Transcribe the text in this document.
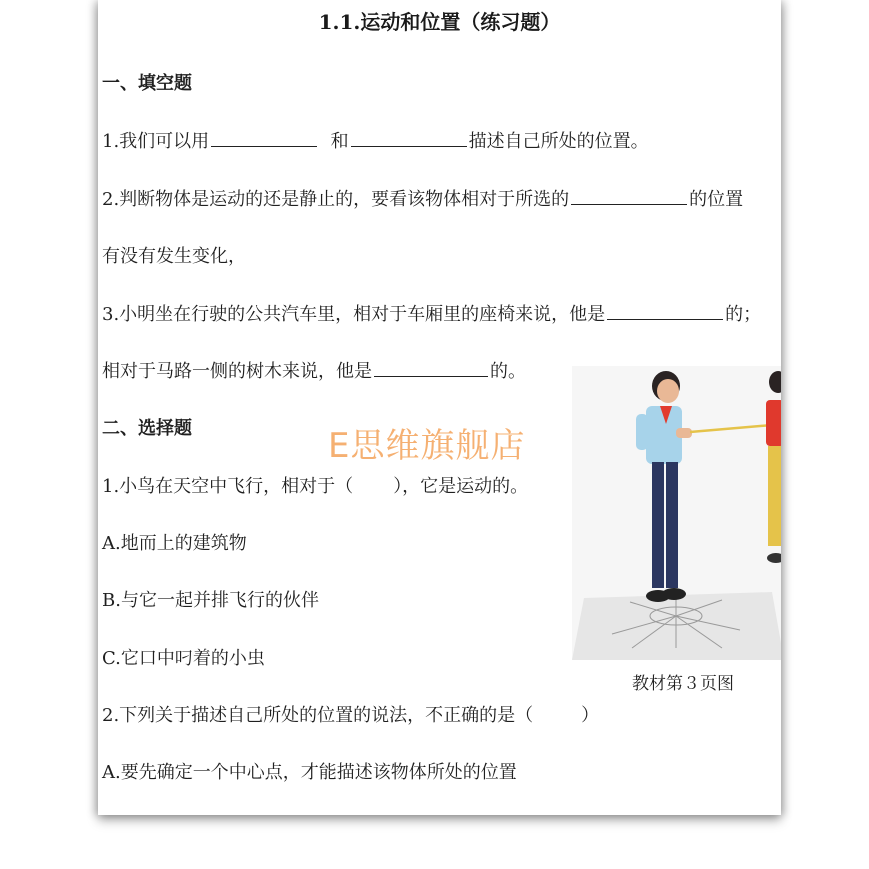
1.1.运动和位置（练习题）
一、填空题
1.我们可以用	和	描述自己所处的位置。
2.判断物体是运动的还是静止的，要看该物体相对于所选的	的位置
有没有发生变化，
3.小明坐在行驶的公共汽车里，相对于车厢里的座椅来说，他是	的；
相对于马路一侧的树木来说，他是	的。
二、选择题
1.小鸟在天空中飞行，相对于（ ），它是运动的。
A.地而上的建筑物
B.与它一起并排飞行的伙伴
C.它口中叼着的小虫
2.下列关于描述自己所处的位置的说法，不正确的是（	）
A.要先确定一个中心点，才能描述该物体所处的位置
教材第３页图
E思维旗舰店
